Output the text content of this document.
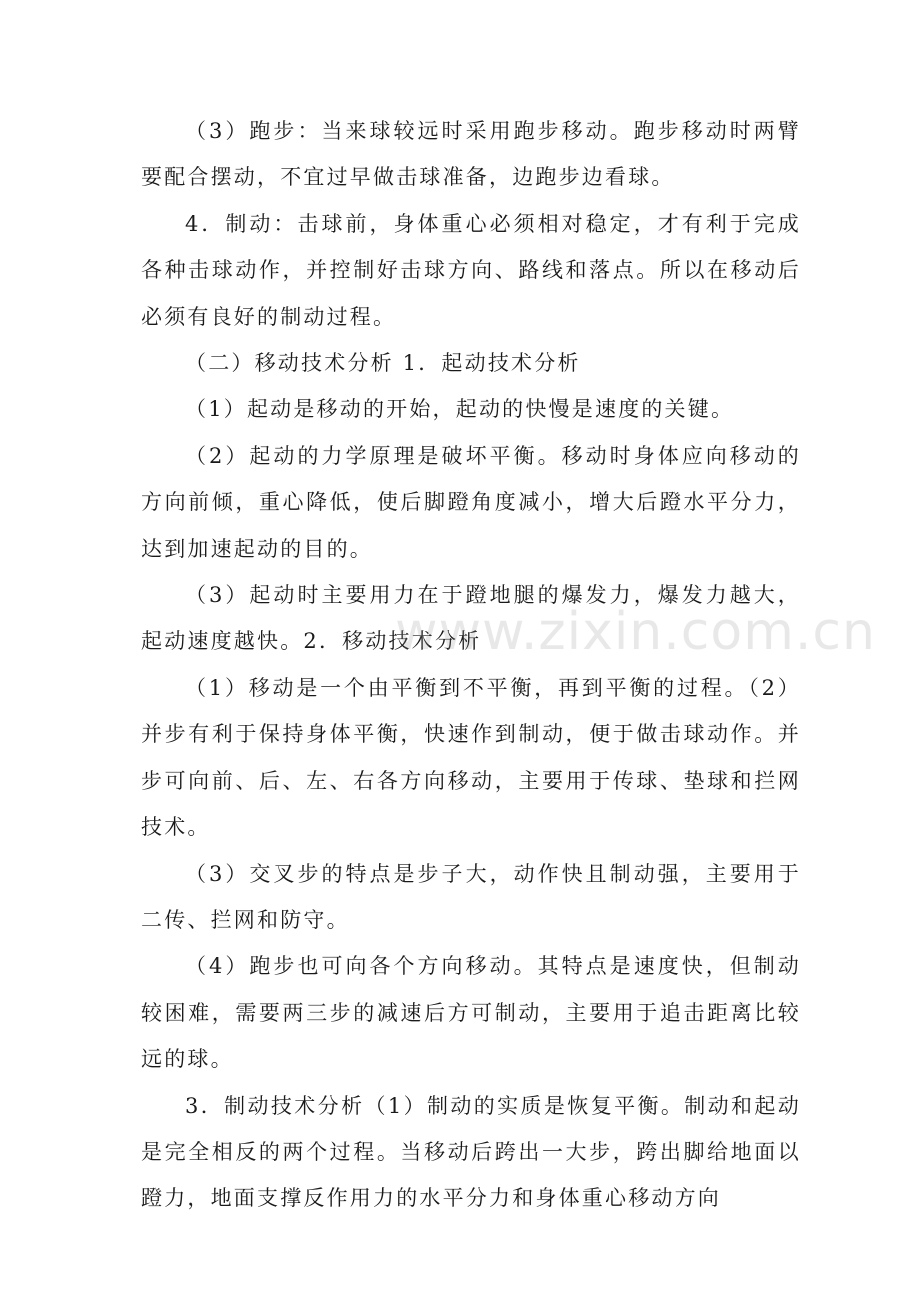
（3）跑步：当来球较远时采用跑步移动。跑步移动时两臂要配合摆动，不宜过早做击球准备，边跑步边看球。

4．制动：击球前，身体重心必须相对稳定，才有利于完成各种击球动作，并控制好击球方向、路线和落点。所以在移动后必须有良好的制动过程。

（二）移动技术分析 1．起动技术分析

（1）起动是移动的开始，起动的快慢是速度的关键。

（2）起动的力学原理是破坏平衡。移动时身体应向移动的方向前倾，重心降低，使后脚蹬角度减小，增大后蹬水平分力，达到加速起动的目的。

（3）起动时主要用力在于蹬地腿的爆发力，爆发力越大，起动速度越快。2．移动技术分析

（1）移动是一个由平衡到不平衡，再到平衡的过程。（2）并步有利于保持身体平衡，快速作到制动，便于做击球动作。并步可向前、后、左、右各方向移动，主要用于传球、垫球和拦网技术。

（3）交叉步的特点是步子大，动作快且制动强，主要用于二传、拦网和防守。

（4）跑步也可向各个方向移动。其特点是速度快，但制动较困难，需要两三步的减速后方可制动，主要用于追击距离比较远的球。

3．制动技术分析（1）制动的实质是恢复平衡。制动和起动是完全相反的两个过程。当移动后跨出一大步，跨出脚给地面以蹬力，地面支撑反作用力的水平分力和身体重心移动方向

www.zixin.com.cn
